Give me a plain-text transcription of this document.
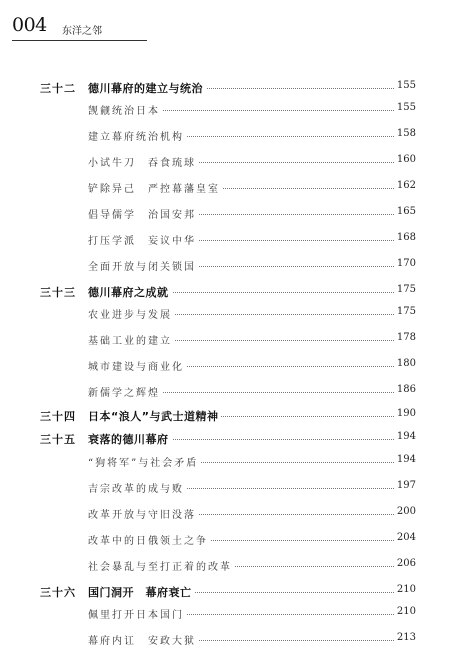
004 东洋之邻
三十二 德川幕府的建立与统治	155
觊觎统治日本	155
建立幕府统治机构	158
小试牛刀　吞食琉球	160
铲除异己　严控幕藩皇室	162
倡导儒学　治国安邦	165
打压学派　妄议中华	168
全面开放与闭关锁国	170
三十三 德川幕府之成就	175
农业进步与发展	175
基础工业的建立	178
城市建设与商业化	180
新儒学之辉煌	186
三十四 日本“浪人”与武士道精神	190
三十五 衰落的德川幕府	194
“狗将军”与社会矛盾	194
吉宗改革的成与败	197
改革开放与守旧没落	200
改革中的日俄领土之争	204
社会暴乱与至打正着的改革	206
三十六 国门洞开　幕府衰亡	210
佩里打开日本国门	210
幕府内讧　安政大狱	213
